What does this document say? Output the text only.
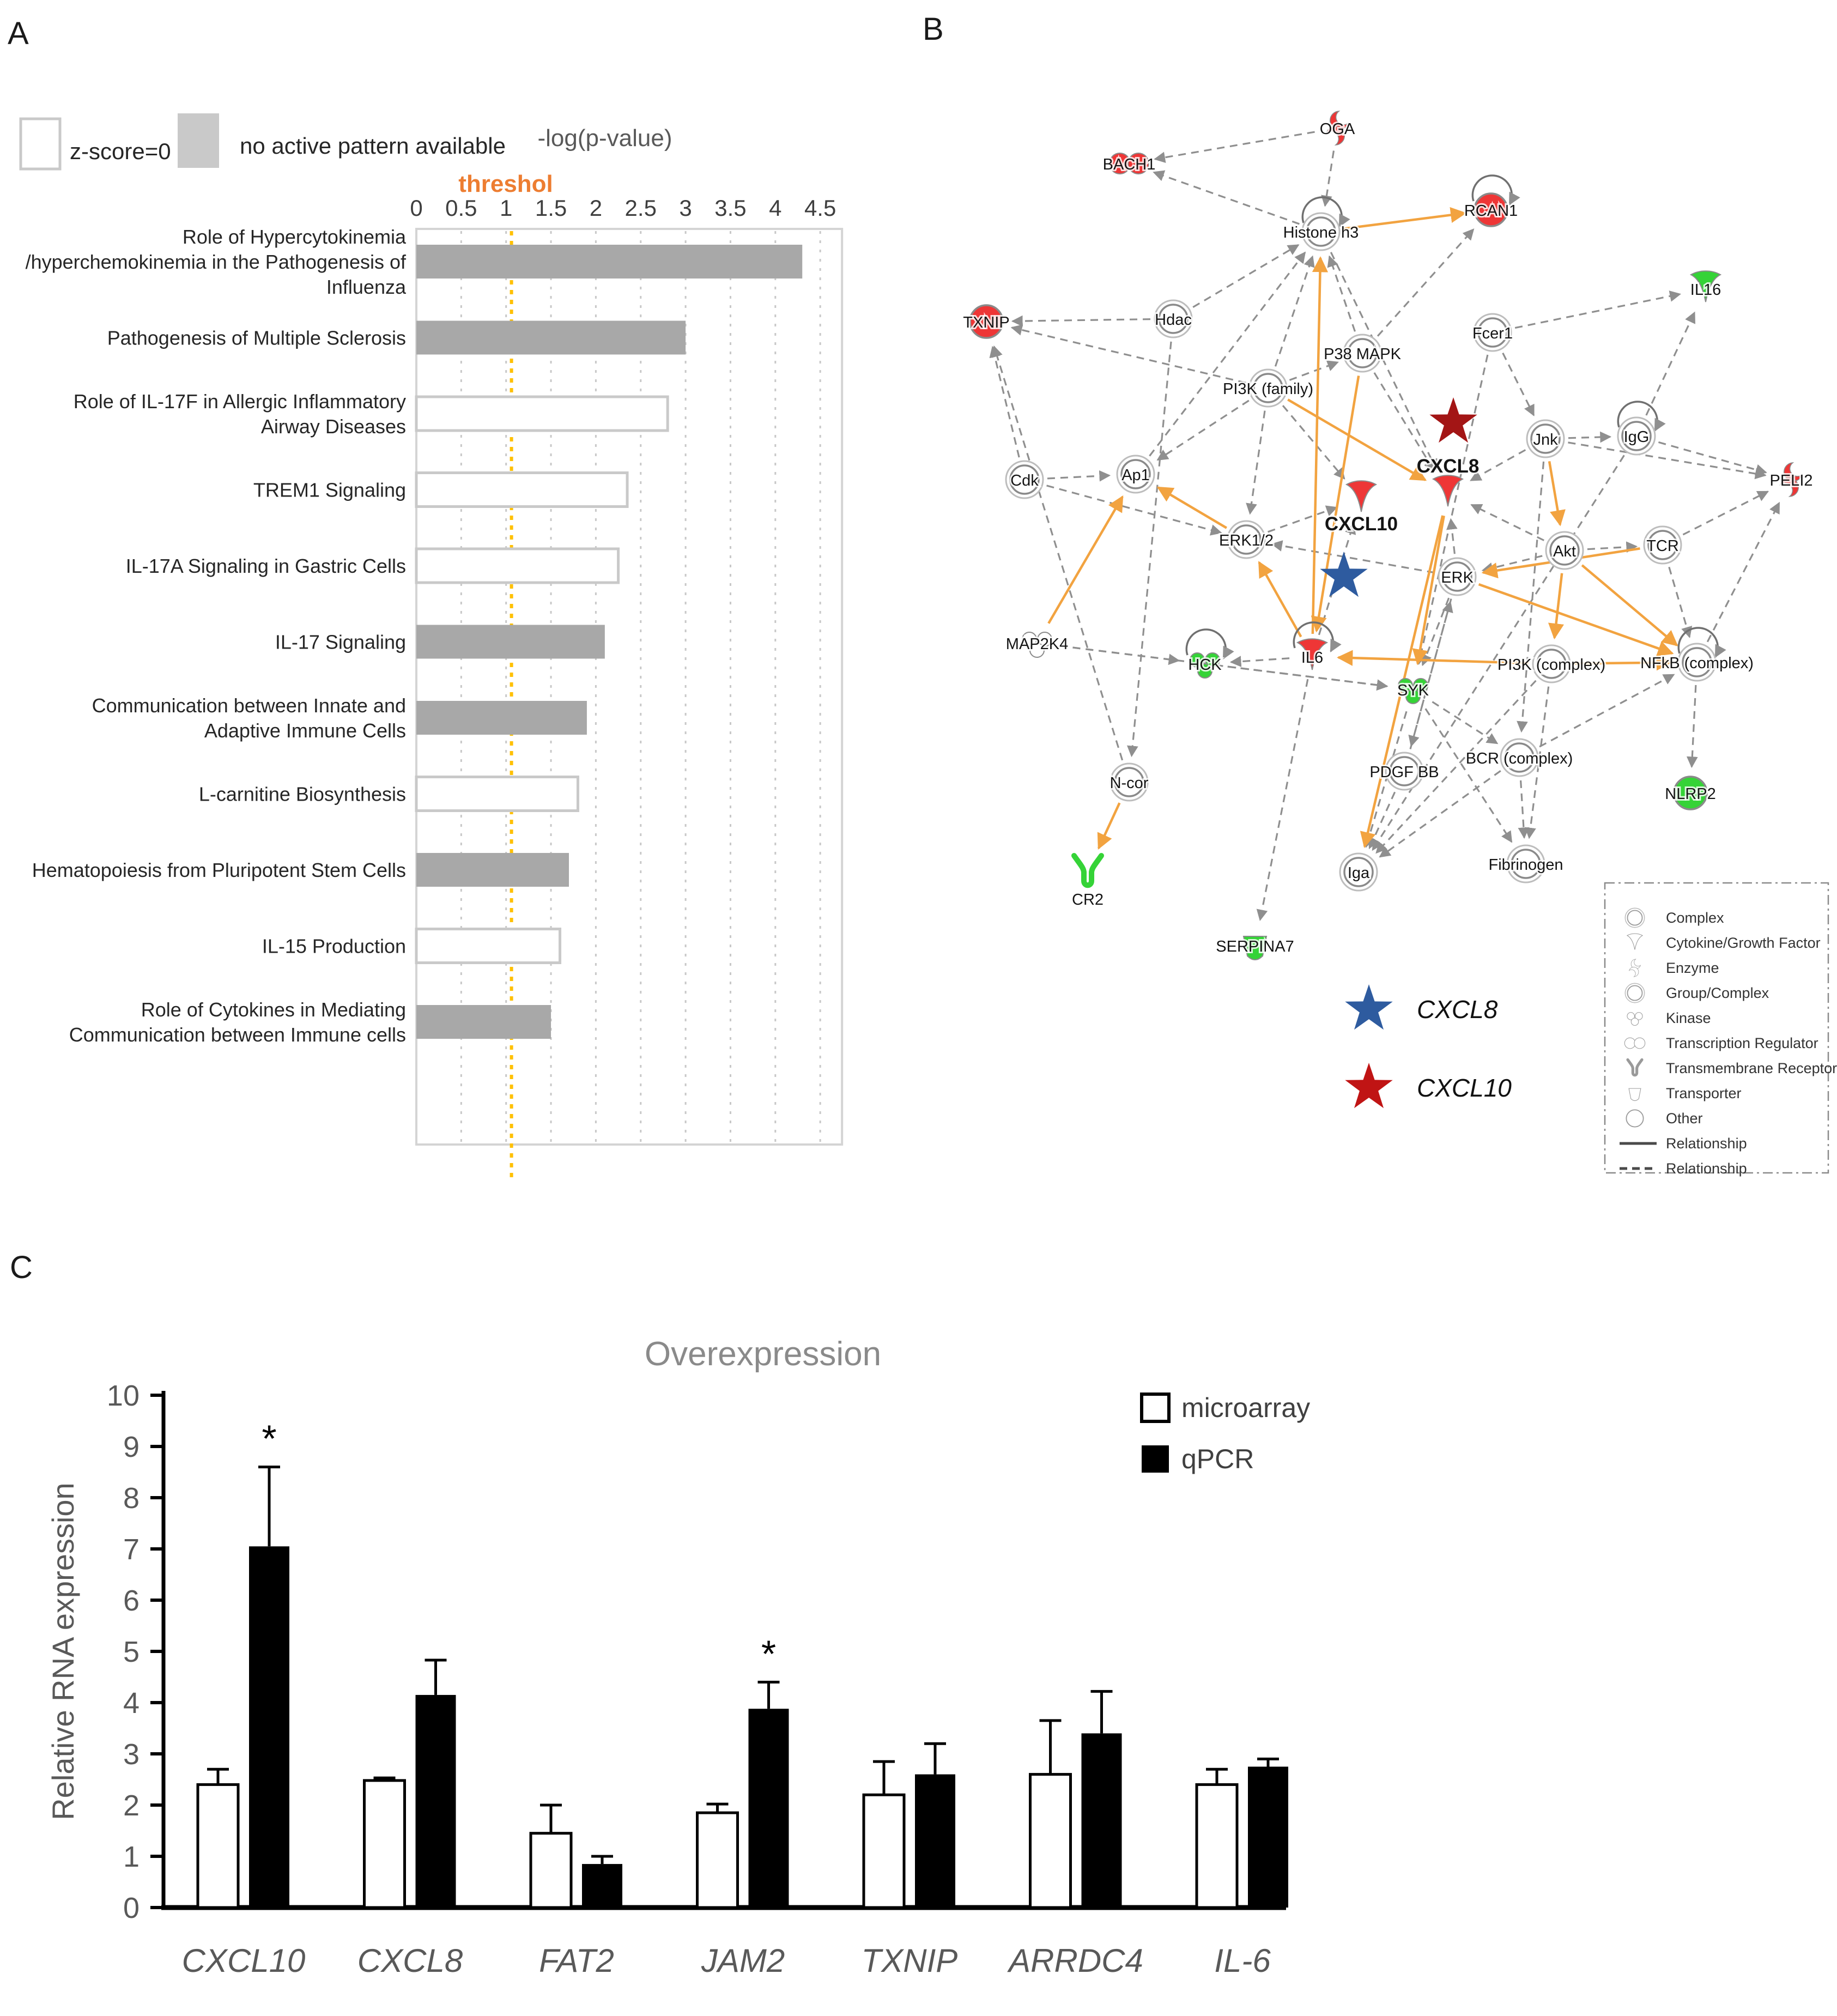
A	B
C
z-score=0	no active pattern available -log(p-value)
threshol
0 0.5 1 1.5 2 2.5 3 3.5 4 4.5
Role of Hypercytokinemia
/hyperchemokinemia in the Pathogenesis of
Influenza
Pathogenesis of Multiple Sclerosis
Role of IL-17F in Allergic Inflammatory
Airway Diseases
TREM1 Signaling
IL-17A Signaling in Gastric Cells
IL-17 Signaling
Communication between Innate and
Adaptive Immune Cells
L-carnitine Biosynthesis
Hematopoiesis from Pluripotent Stem Cells
IL-15 Production
Role of Cytokines in Mediating
Communication between Immune cells
BACH1
OGA
RCAN1
TXNIP	Hdac
Histone h3
IL16
Fcer1
P38 MAPK
PI3K (family)
IgG
Jnk
CXCL8
Cdk	Ap1
CXCL10
ERK1/2
ERK
Akt	TCR
PELI2
MAP2K4
HCK	IL6
SYK
PI3K (complex) NFkB (complex)
N-cor
PDGF BB
BCR (complex)
Iga	Fibrinogen
SERPINA7
NLRP2
CR2
Complex
Cytokine/Growth Factor
Enzyme
Group/Complex
Kinase
Transcription Regulator
Transmembrane Receptor
Transporter
Other
Relationship
Relationship
CXCL8
CXCL10
Overexpression
0
1
2
3
4
5
6
7
8
9
10
Relative RNA expression
*
*
CXCL10 CXCL8 FAT2	JAM2 TXNIP ARRDC4 IL-6
microarray
qPCR
